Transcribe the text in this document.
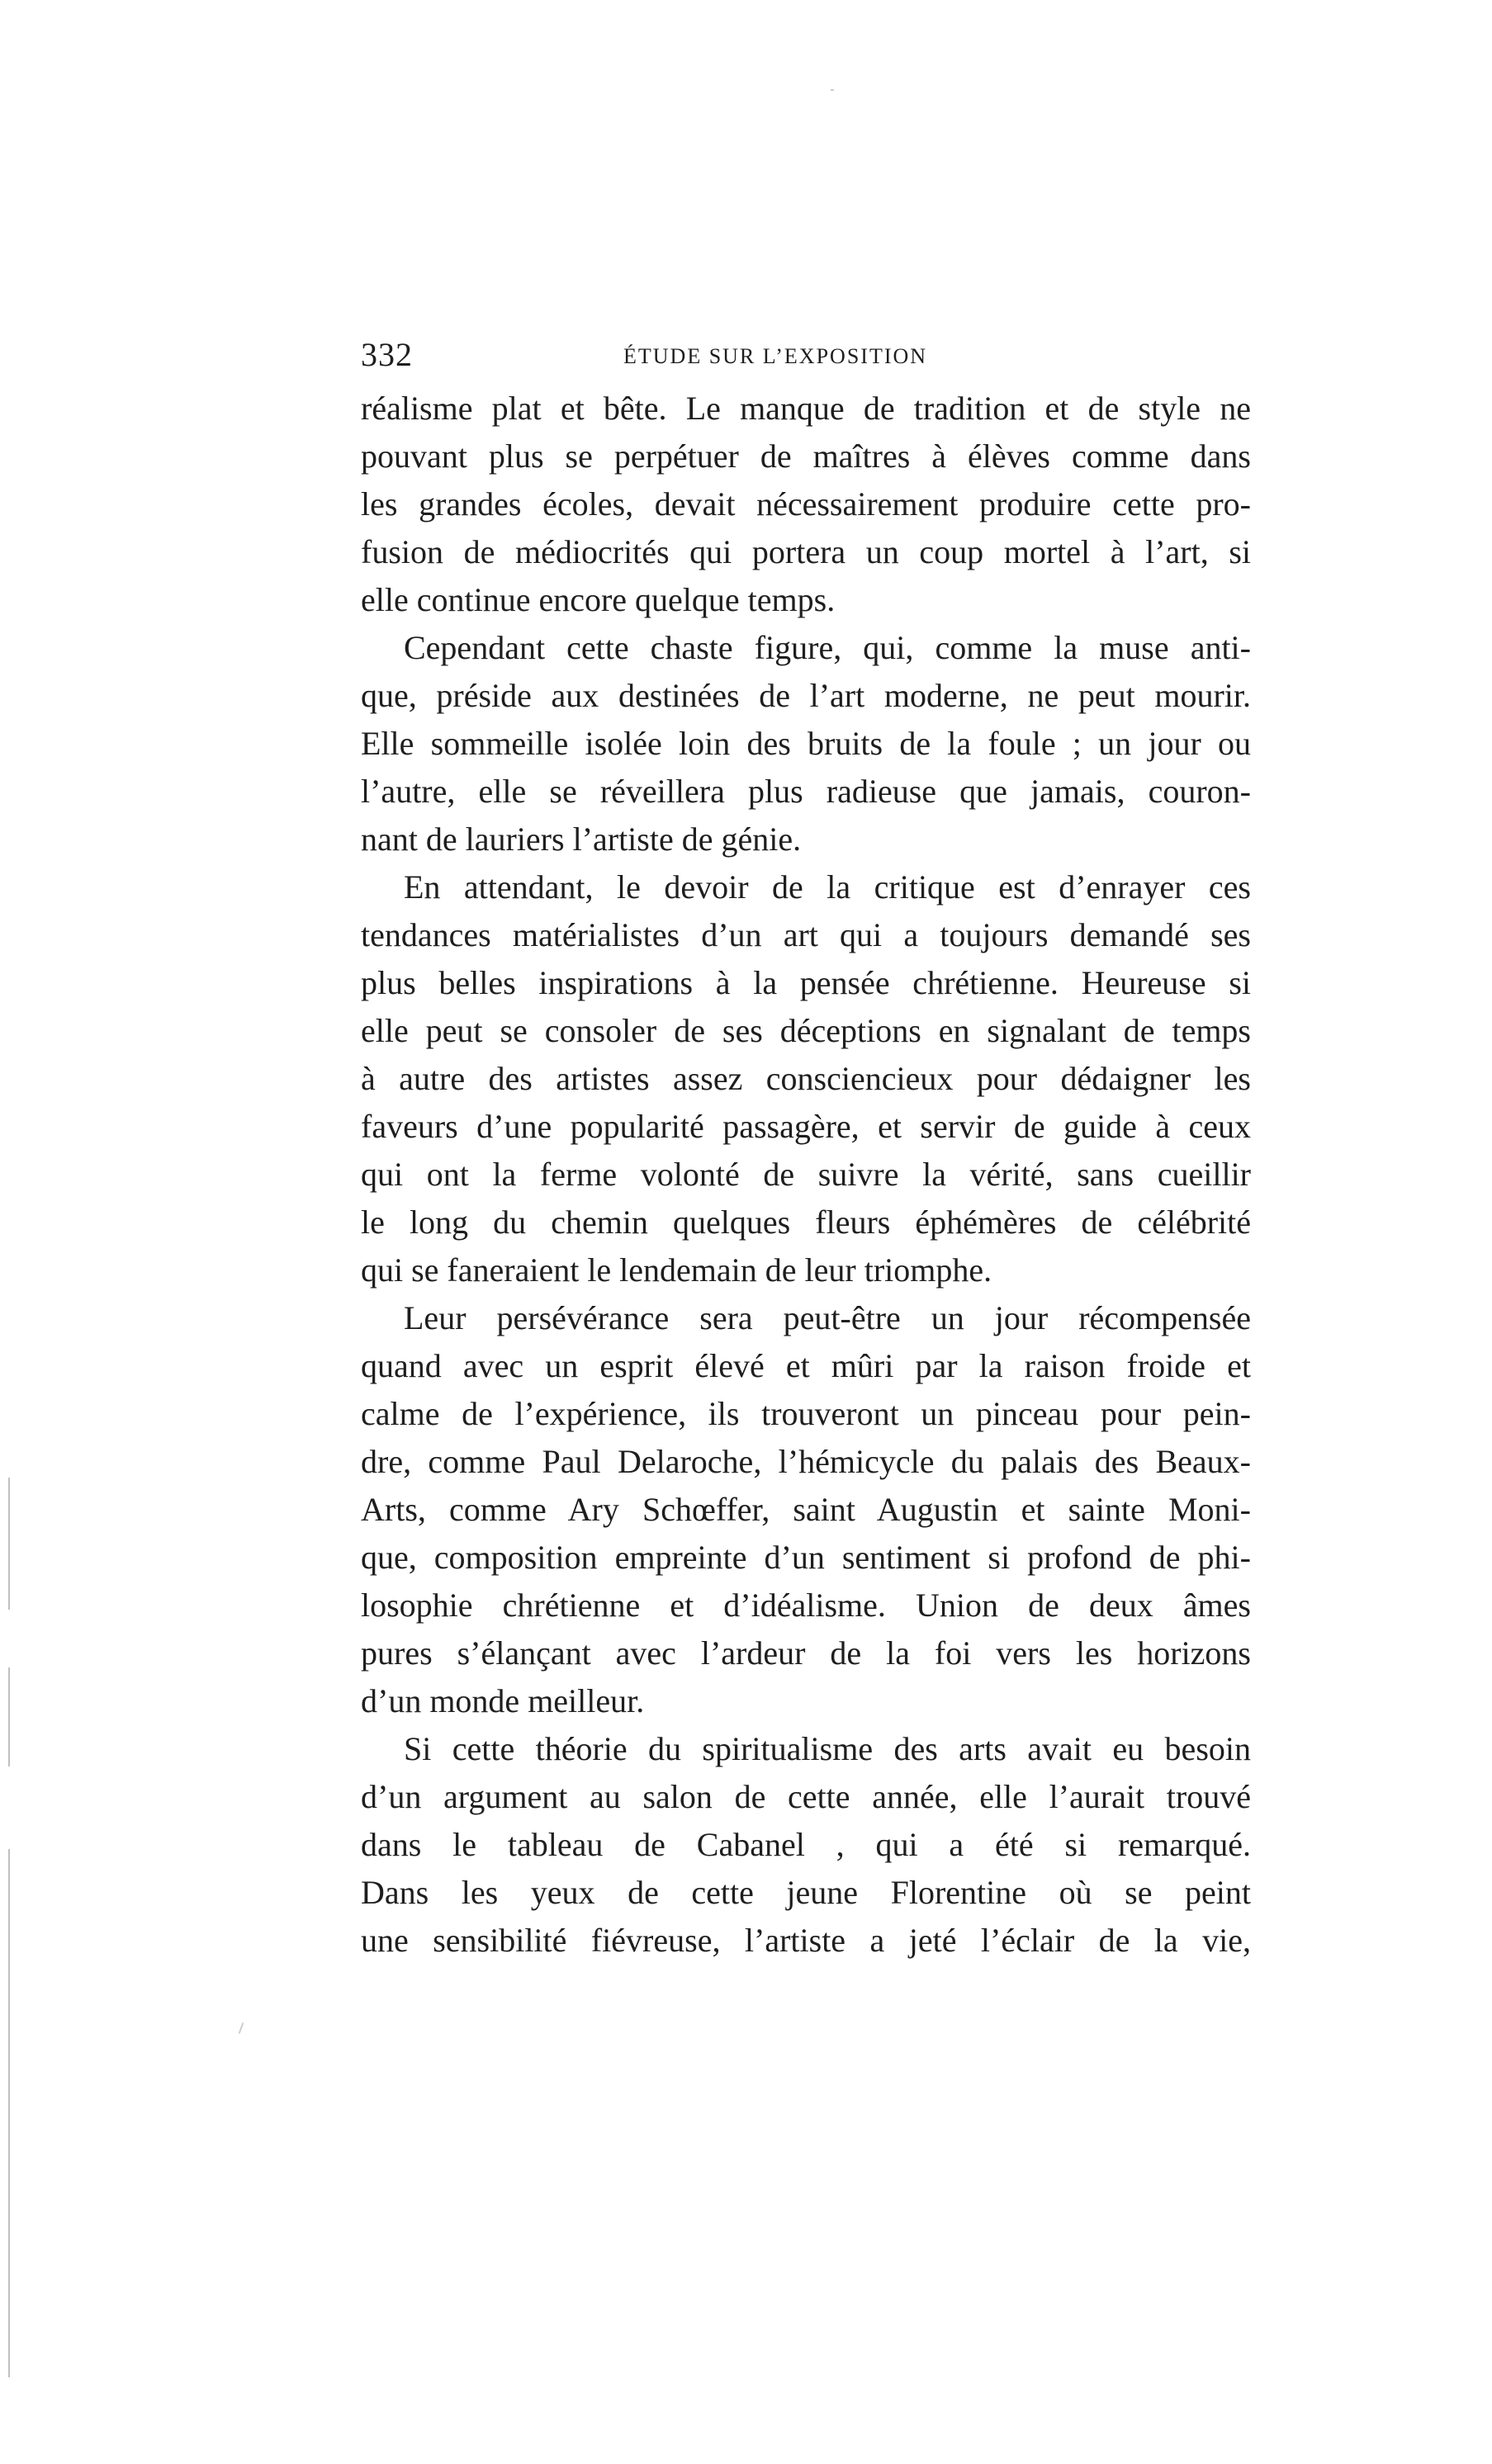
332	ÉTUDE SUR L’EXPOSITION
réalisme plat et bête. Le manque de tradition et de style ne
pouvant plus se perpétuer de maîtres à élèves comme dans
les grandes écoles, devait nécessairement produire cette pro-
fusion de médiocrités qui portera un coup mortel à l’art, si
elle continue encore quelque temps.
Cependant cette chaste figure, qui, comme la muse anti-
que, préside aux destinées de l’art moderne, ne peut mourir.
Elle sommeille isolée loin des bruits de la foule ; un jour ou
l’autre, elle se réveillera plus radieuse que jamais, couron-
nant de lauriers l’artiste de génie.
En attendant, le devoir de la critique est d’enrayer ces
tendances matérialistes d’un art qui a toujours demandé ses
plus belles inspirations à la pensée chrétienne. Heureuse si
elle peut se consoler de ses déceptions en signalant de temps
à autre des artistes assez consciencieux pour dédaigner les
faveurs d’une popularité passagère, et servir de guide à ceux
qui ont la ferme volonté de suivre la vérité, sans cueillir
le long du chemin quelques fleurs éphémères de célébrité
qui se faneraient le lendemain de leur triomphe.
Leur persévérance sera peut-être un jour récompensée
quand avec un esprit élevé et mûri par la raison froide et
calme de l’expérience, ils trouveront un pinceau pour pein-
dre, comme Paul Delaroche, l’hémicycle du palais des Beaux-
Arts, comme Ary Schœffer, saint Augustin et sainte Moni-
que, composition empreinte d’un sentiment si profond de phi-
losophie chrétienne et d’idéalisme. Union de deux âmes
pures s’élançant avec l’ardeur de la foi vers les horizons
d’un monde meilleur.
Si cette théorie du spiritualisme des arts avait eu besoin
d’un argument au salon de cette année, elle l’aurait trouvé
dans le tableau de Cabanel , qui a été si remarqué.
Dans les yeux de cette jeune Florentine où se peint
une sensibilité fiévreuse, l’artiste a jeté l’éclair de la vie,
